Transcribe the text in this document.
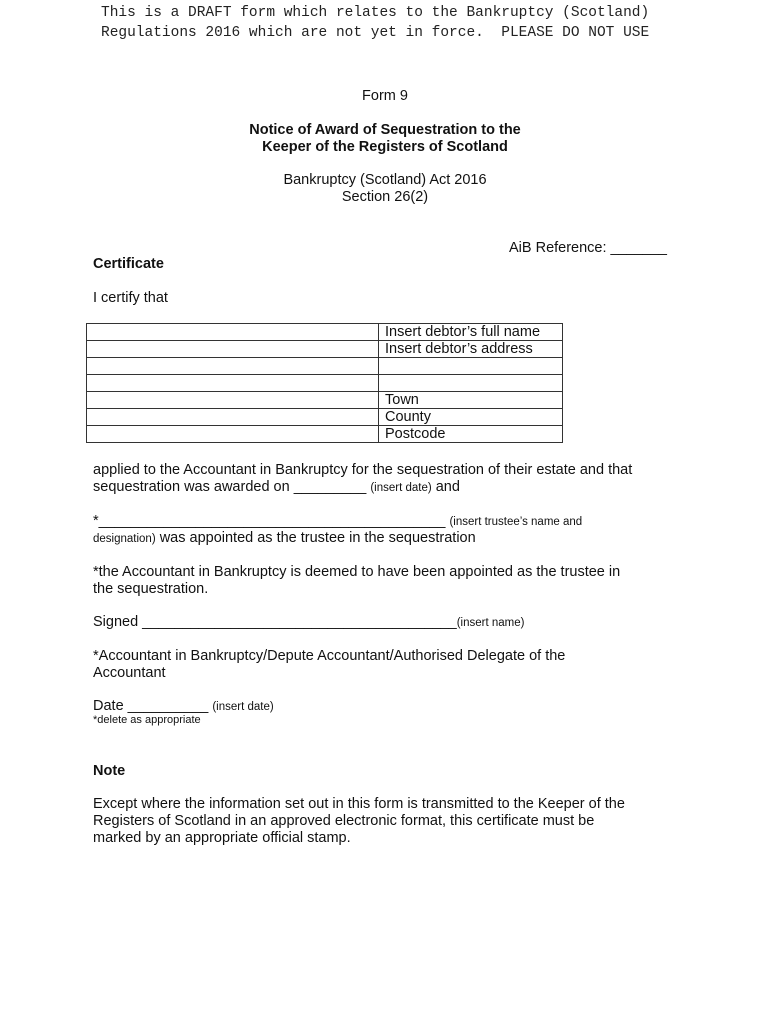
This is a DRAFT form which relates to the Bankruptcy (Scotland)
Regulations 2016 which are not yet in force.  PLEASE DO NOT USE
Form 9
Notice of Award of Sequestration to the
Keeper of the Registers of Scotland
Bankruptcy (Scotland) Act 2016
Section 26(2)
AiB Reference: _______
Certificate
I certify that
	Insert debtor’s full name
	Insert debtor’s address

	Town
	County
	Postcode
applied to the Accountant in Bankruptcy for the sequestration of their estate and that
sequestration was awarded on _________ (insert date) and
*___________________________________________ (insert trustee’s name and
designation) was appointed as the trustee in the sequestration
*the Accountant in Bankruptcy is deemed to have been appointed as the trustee in
the sequestration.
Signed _______________________________________(insert name)
*Accountant in Bankruptcy/Depute Accountant/Authorised Delegate of the
Accountant
Date __________ (insert date)
*delete as appropriate
Note
Except where the information set out in this form is transmitted to the Keeper of the
Registers of Scotland in an approved electronic format, this certificate must be
marked by an appropriate official stamp.
